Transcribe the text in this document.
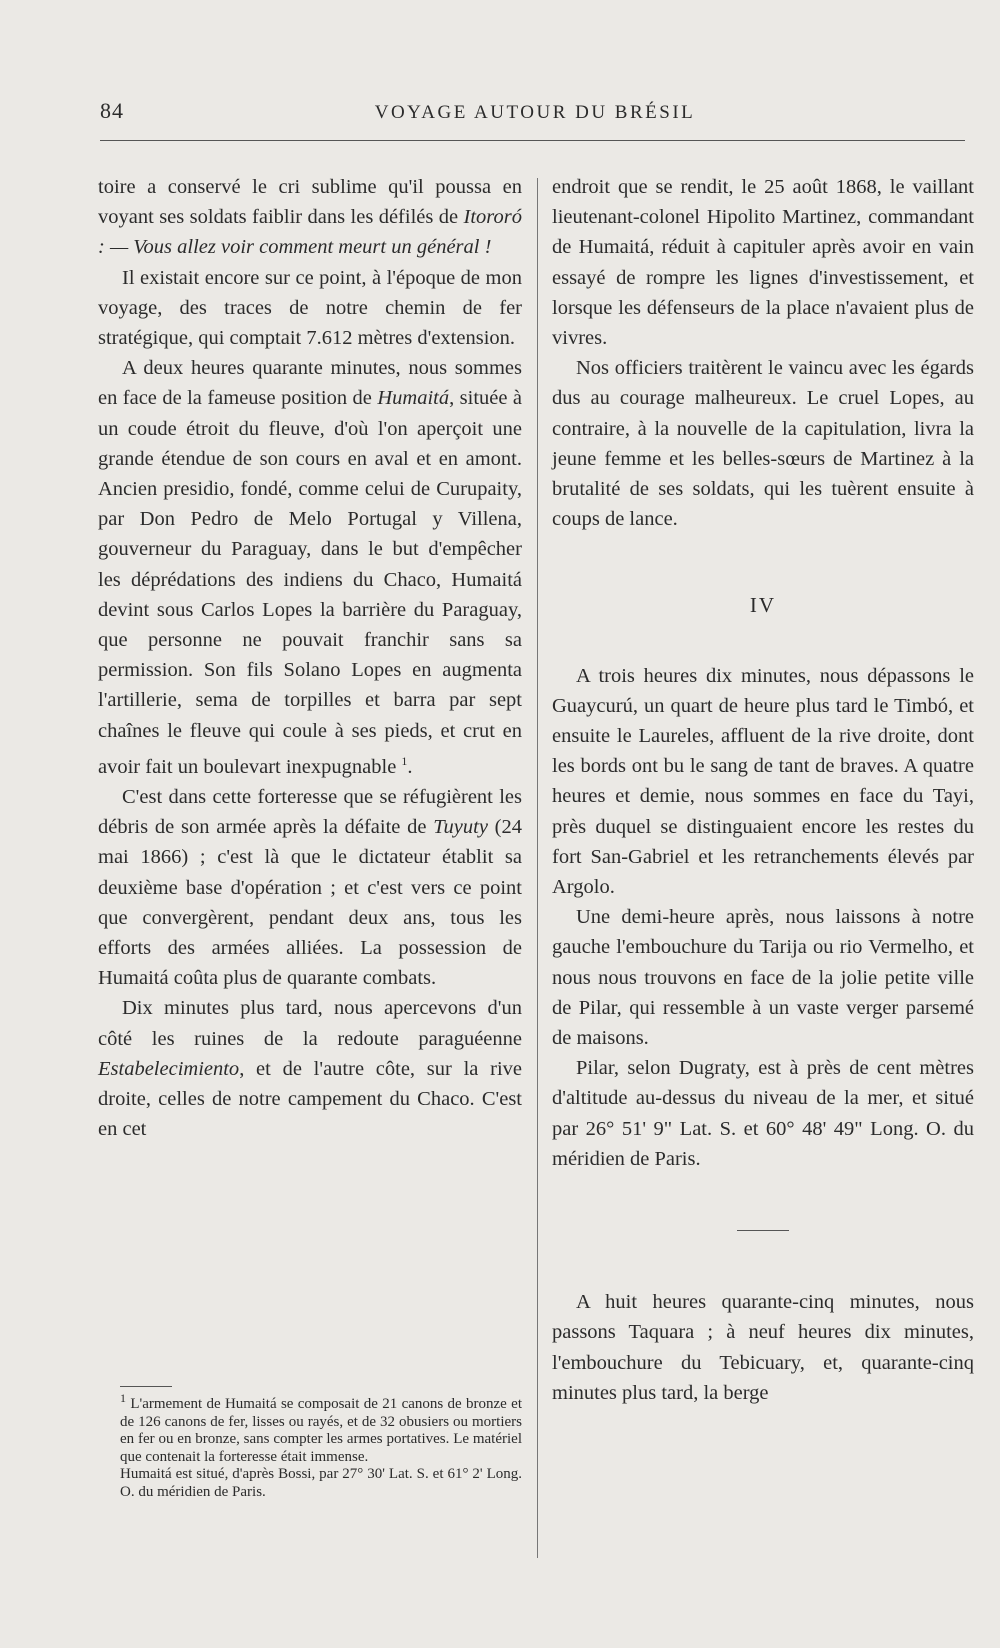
84	VOYAGE AUTOUR DU BRÉSIL

toire a conservé le cri sublime qu'il poussa en voyant ses soldats faiblir dans les défilés de Itororó : — Vous allez voir comment meurt un général !

Il existait encore sur ce point, à l'époque de mon voyage, des traces de notre chemin de fer stratégique, qui comptait 7.612 mètres d'extension.

A deux heures quarante minutes, nous sommes en face de la fameuse position de Humaitá, située à un coude étroit du fleuve, d'où l'on aperçoit une grande étendue de son cours en aval et en amont. Ancien presidio, fondé, comme celui de Curupaity, par Don Pedro de Melo Portugal y Villena, gouverneur du Paraguay, dans le but d'empêcher les déprédations des indiens du Chaco, Humaitá devint sous Carlos Lopes la barrière du Paraguay, que personne ne pouvait franchir sans sa permission. Son fils Solano Lopes en augmenta l'artillerie, sema de torpilles et barra par sept chaînes le fleuve qui coule à ses pieds, et crut en avoir fait un boulevart inexpugnable $^1$.

C'est dans cette forteresse que se réfugièrent les débris de son armée après la défaite de Tuyuty (24 mai 1866) ; c'est là que le dictateur établit sa deuxième base d'opération ; et c'est vers ce point que convergèrent, pendant deux ans, tous les efforts des armées alliées. La possession de Humaitá coûta plus de quarante combats.

Dix minutes plus tard, nous apercevons d'un côté les ruines de la redoute paraguéenne Estabelecimiento, et de l'autre côte, sur la rive droite, celles de notre campement du Chaco. C'est en cet

$^1$ L'armement de Humaitá se composait de 21 canons de bronze et de 126 canons de fer, lisses ou rayés, et de 32 obusiers ou mortiers en fer ou en bronze, sans compter les armes portatives. Le matériel que contenait la forteresse était immense.

Humaitá est situé, d'après Bossi, par 27° 30' Lat. S. et 61° 2' Long. O. du méridien de Paris.

endroit que se rendit, le 25 août 1868, le vaillant lieutenant-colonel Hipolito Martinez, commandant de Humaitá, réduit à capituler après avoir en vain essayé de rompre les lignes d'investissement, et lorsque les défenseurs de la place n'avaient plus de vivres.

Nos officiers traitèrent le vaincu avec les égards dus au courage malheureux. Le cruel Lopes, au contraire, à la nouvelle de la capitulation, livra la jeune femme et les belles-sœurs de Martinez à la brutalité de ses soldats, qui les tuèrent ensuite à coups de lance.

IV

A trois heures dix minutes, nous dépassons le Guaycurú, un quart de heure plus tard le Timbó, et ensuite le Laureles, affluent de la rive droite, dont les bords ont bu le sang de tant de braves. A quatre heures et demie, nous sommes en face du Tayi, près duquel se distinguaient encore les restes du fort San-Gabriel et les retranchements élevés par Argolo.

Une demi-heure après, nous laissons à notre gauche l'embouchure du Tarija ou rio Vermelho, et nous nous trouvons en face de la jolie petite ville de Pilar, qui ressemble à un vaste verger parsemé de maisons.

Pilar, selon Dugraty, est à près de cent mètres d'altitude au-dessus du niveau de la mer, et situé par 26° 51' 9" Lat. S. et 60° 48' 49" Long. O. du méridien de Paris.

A huit heures quarante-cinq minutes, nous passons Taquara ; à neuf heures dix minutes, l'embouchure du Tebicuary, et, quarante-cinq minutes plus tard, la berge
